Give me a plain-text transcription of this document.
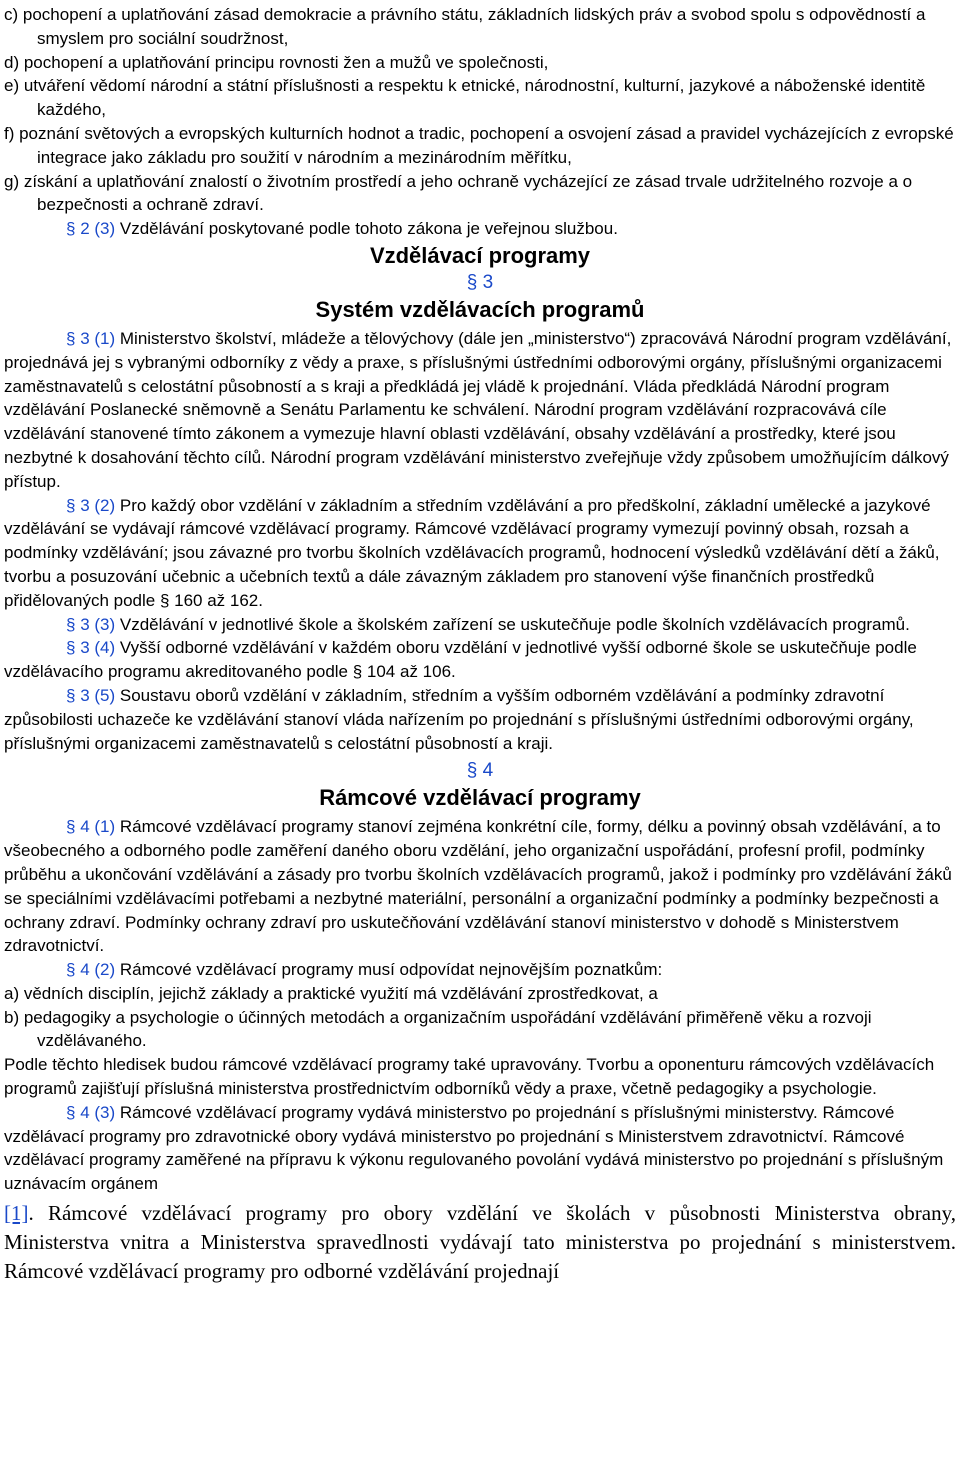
c) pochopení a uplatňování zásad demokracie a právního státu, základních lidských práv a svobod spolu s odpovědností a smyslem pro sociální soudržnost,

d) pochopení a uplatňování principu rovnosti žen a mužů ve společnosti,

e) utváření vědomí národní a státní příslušnosti a respektu k etnické, národnostní, kulturní, jazykové a náboženské identitě každého,

f) poznání světových a evropských kulturních hodnot a tradic, pochopení a osvojení zásad a pravidel vycházejících z evropské integrace jako základu pro soužití v národním a mezinárodním měřítku,

g) získání a uplatňování znalostí o životním prostředí a jeho ochraně vycházející ze zásad trvale udržitelného rozvoje a o bezpečnosti a ochraně zdraví.

§ 2 (3) Vzdělávání poskytované podle tohoto zákona je veřejnou službou.

Vzdělávací programy
§ 3
Systém vzdělávacích programů

§ 3 (1) Ministerstvo školství, mládeže a tělovýchovy (dále jen „ministerstvo“) zpracovává Národní program vzdělávání, projednává jej s vybranými odborníky z vědy a praxe, s příslušnými ústředními odborovými orgány, příslušnými organizacemi zaměstnavatelů s celostátní působností a s kraji a předkládá jej vládě k projednání. Vláda předkládá Národní program vzdělávání Poslanecké sněmovně a Senátu Parlamentu ke schválení. Národní program vzdělávání rozpracovává cíle vzdělávání stanovené tímto zákonem a vymezuje hlavní oblasti vzdělávání, obsahy vzdělávání a prostředky, které jsou nezbytné k dosahování těchto cílů. Národní program vzdělávání ministerstvo zveřejňuje vždy způsobem umožňujícím dálkový přístup.

§ 3 (2) Pro každý obor vzdělání v základním a středním vzdělávání a pro předškolní, základní umělecké a jazykové vzdělávání se vydávají rámcové vzdělávací programy. Rámcové vzdělávací programy vymezují povinný obsah, rozsah a podmínky vzdělávání; jsou závazné pro tvorbu školních vzdělávacích programů, hodnocení výsledků vzdělávání dětí a žáků, tvorbu a posuzování učebnic a učebních textů a dále závazným základem pro stanovení výše finančních prostředků přidělovaných podle § 160 až 162.

§ 3 (3) Vzdělávání v jednotlivé škole a školském zařízení se uskutečňuje podle školních vzdělávacích programů.

§ 3 (4) Vyšší odborné vzdělávání v každém oboru vzdělání v jednotlivé vyšší odborné škole se uskutečňuje podle vzdělávacího programu akreditovaného podle § 104 až 106.

§ 3 (5) Soustavu oborů vzdělání v základním, středním a vyšším odborném vzdělávání a podmínky zdravotní způsobilosti uchazeče ke vzdělávání stanoví vláda nařízením po projednání s příslušnými ústředními odborovými orgány, příslušnými organizacemi zaměstnavatelů s celostátní působností a kraji.

§ 4
Rámcové vzdělávací programy

§ 4 (1) Rámcové vzdělávací programy stanoví zejména konkrétní cíle, formy, délku a povinný obsah vzdělávání, a to všeobecného a odborného podle zaměření daného oboru vzdělání, jeho organizační uspořádání, profesní profil, podmínky průběhu a ukončování vzdělávání a zásady pro tvorbu školních vzdělávacích programů, jakož i podmínky pro vzdělávání žáků se speciálními vzdělávacími potřebami a nezbytné materiální, personální a organizační podmínky a podmínky bezpečnosti a ochrany zdraví. Podmínky ochrany zdraví pro uskutečňování vzdělávání stanoví ministerstvo v dohodě s Ministerstvem zdravotnictví.

§ 4 (2) Rámcové vzdělávací programy musí odpovídat nejnovějším poznatkům:

a) vědních disciplín, jejichž základy a praktické využití má vzdělávání zprostředkovat, a

b) pedagogiky a psychologie o účinných metodách a organizačním uspořádání vzdělávání přiměřeně věku a rozvoji vzdělávaného.

Podle těchto hledisek budou rámcové vzdělávací programy také upravovány. Tvorbu a oponenturu rámcových vzdělávacích programů zajišťují příslušná ministerstva prostřednictvím odborníků vědy a praxe, včetně pedagogiky a psychologie.

§ 4 (3) Rámcové vzdělávací programy vydává ministerstvo po projednání s příslušnými ministerstvy. Rámcové vzdělávací programy pro zdravotnické obory vydává ministerstvo po projednání s Ministerstvem zdravotnictví. Rámcové vzdělávací programy zaměřené na přípravu k výkonu regulovaného povolání vydává ministerstvo po projednání s příslušným uznávacím orgánem

[1]. Rámcové vzdělávací programy pro obory vzdělání ve školách v působnosti Ministerstva obrany, Ministerstva vnitra a Ministerstva spravedlnosti vydávají tato ministerstva po projednání s ministerstvem. Rámcové vzdělávací programy pro odborné vzdělávání projednají
